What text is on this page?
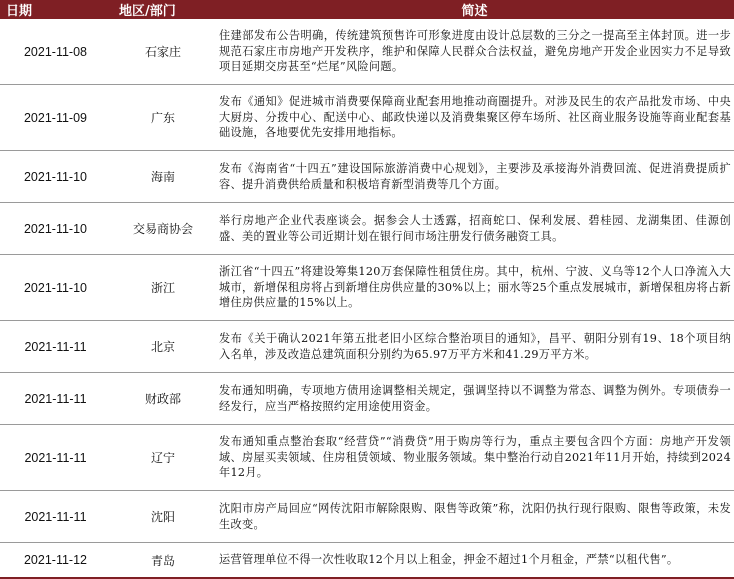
日期	地区/部门	简述
2021-11-08	石家庄	住建部发布公告明确，传统建筑预售许可形象进度由设计总层数的三分之一提高至主体封顶。进一步规范石家庄市房地产开发秩序，维护和保障人民群众合法权益，避免房地产开发企业因实力不足导致项目延期交房甚至“烂尾”风险问题。
2021-11-09	广东	发布《通知》促进城市消费要保障商业配套用地推动商圈提升。对涉及民生的农产品批发市场、中央大厨房、分拨中心、配送中心、邮政快递以及消费集聚区停车场所、社区商业服务设施等商业配套基础设施，各地要优先安排用地指标。
2021-11-10	海南	发布《海南省“十四五”建设国际旅游消费中心规划》，主要涉及承接海外消费回流、促进消费提质扩容、提升消费供给质量和积极培育新型消费等几个方面。
2021-11-10	交易商协会	举行房地产企业代表座谈会。据参会人士透露，招商蛇口、保利发展、碧桂园、龙湖集团、佳源创盛、美的置业等公司近期计划在银行间市场注册发行债务融资工具。
2021-11-10	浙江	浙江省“十四五”将建设筹集120万套保障性租赁住房。其中，杭州、宁波、义乌等12个人口净流入大城市，新增保租房将占到新增住房供应量的30%以上；丽水等25个重点发展城市，新增保租房将占新增住房供应量的15%以上。
2021-11-11	北京	发布《关于确认2021年第五批老旧小区综合整治项目的通知》，昌平、朝阳分别有19、18个项目纳入名单，涉及改造总建筑面积分别约为65.97万平方米和41.29万平方米。
2021-11-11	财政部	发布通知明确，专项地方债用途调整相关规定，强调坚持以不调整为常态、调整为例外。专项债券一经发行，应当严格按照约定用途使用资金。
2021-11-11	辽宁	发布通知重点整治套取“经营贷”“消费贷”用于购房等行为，重点主要包含四个方面：房地产开发领域、房屋买卖领域、住房租赁领域、物业服务领域。集中整治行动自2021年11月开始，持续到2024年12月。
2021-11-11	沈阳	沈阳市房产局回应“网传沈阳市解除限购、限售等政策”称，沈阳仍执行现行限购、限售等政策，未发生改变。
2021-11-12	青岛	运营管理单位不得一次性收取12个月以上租金，押金不超过1个月租金，严禁“以租代售”。
